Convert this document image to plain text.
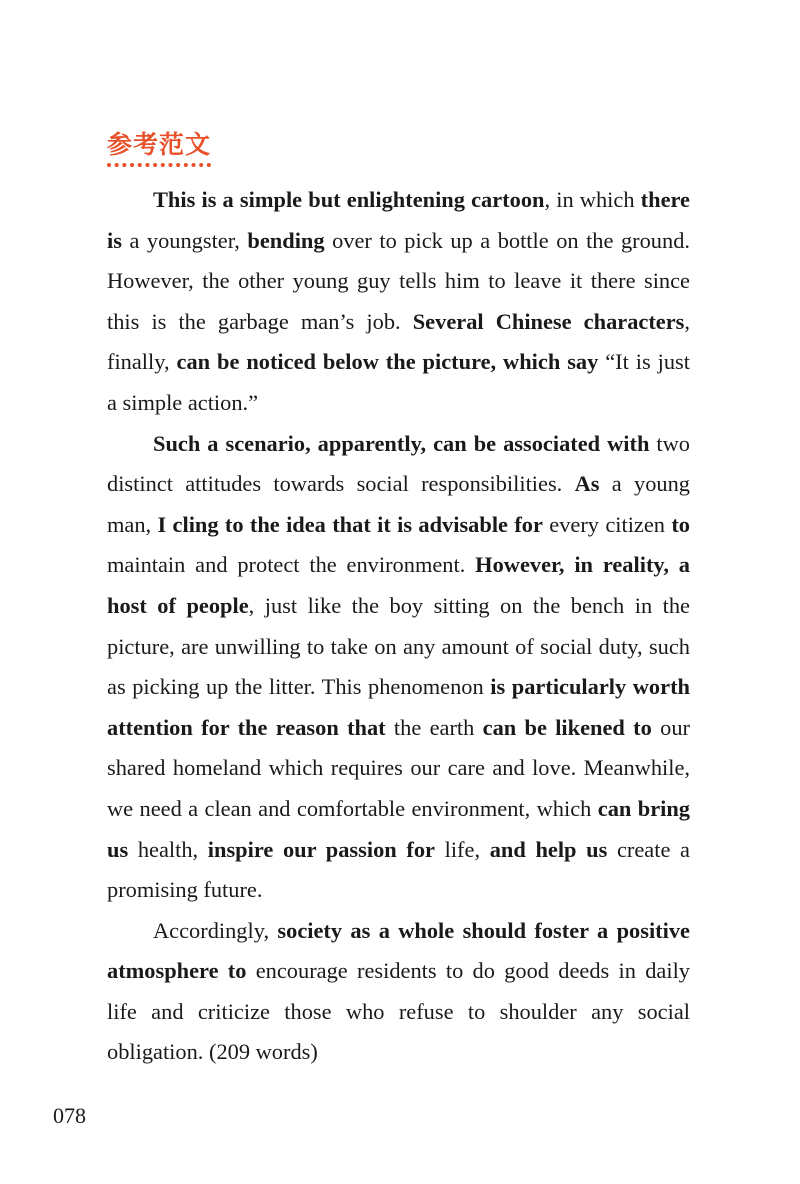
参考范文

This is a simple but enlightening cartoon, in which there is a youngster, bending over to pick up a bottle on the ground. However, the other young guy tells him to leave it there since this is the garbage man’s job. Several Chinese characters, finally, can be noticed below the picture, which say “It is just a simple action.”

Such a scenario, apparently, can be associated with two distinct attitudes towards social responsibilities. As a young man, I cling to the idea that it is advisable for every citizen to maintain and protect the environment. However, in reality, a host of people, just like the boy sitting on the bench in the picture, are unwilling to take on any amount of social duty, such as picking up the litter. This phenomenon is particularly worth attention for the reason that the earth can be likened to our shared homeland which requires our care and love. Meanwhile, we need a clean and comfortable environment, which can bring us health, inspire our passion for life, and help us create a promising future.

Accordingly, society as a whole should foster a positive atmosphere to encourage residents to do good deeds in daily life and criticize those who refuse to shoulder any social obligation. (209 words)

078
